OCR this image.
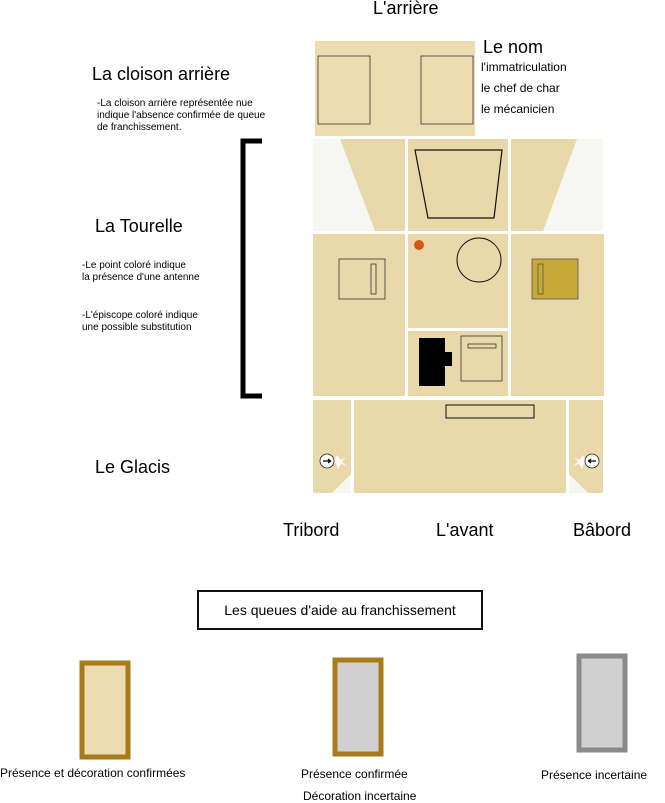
L'arrière
Le nom
l'immatriculation
le chef de char
le mécanicien
La cloison arrière
-La cloison arrière représentée nue
indique l'absence confirmée de queue
de franchissement.
La Tourelle
-Le point coloré indique
la présence d'une antenne
-L'épiscope coloré indique
une possible substitution
Le Glacis
Tribord	L'avant	Bâbord
Les queues d'aide au franchissement
Présence et décoration confirmées	Présence confirmée
Décoration incertaine
Présence incertaine
